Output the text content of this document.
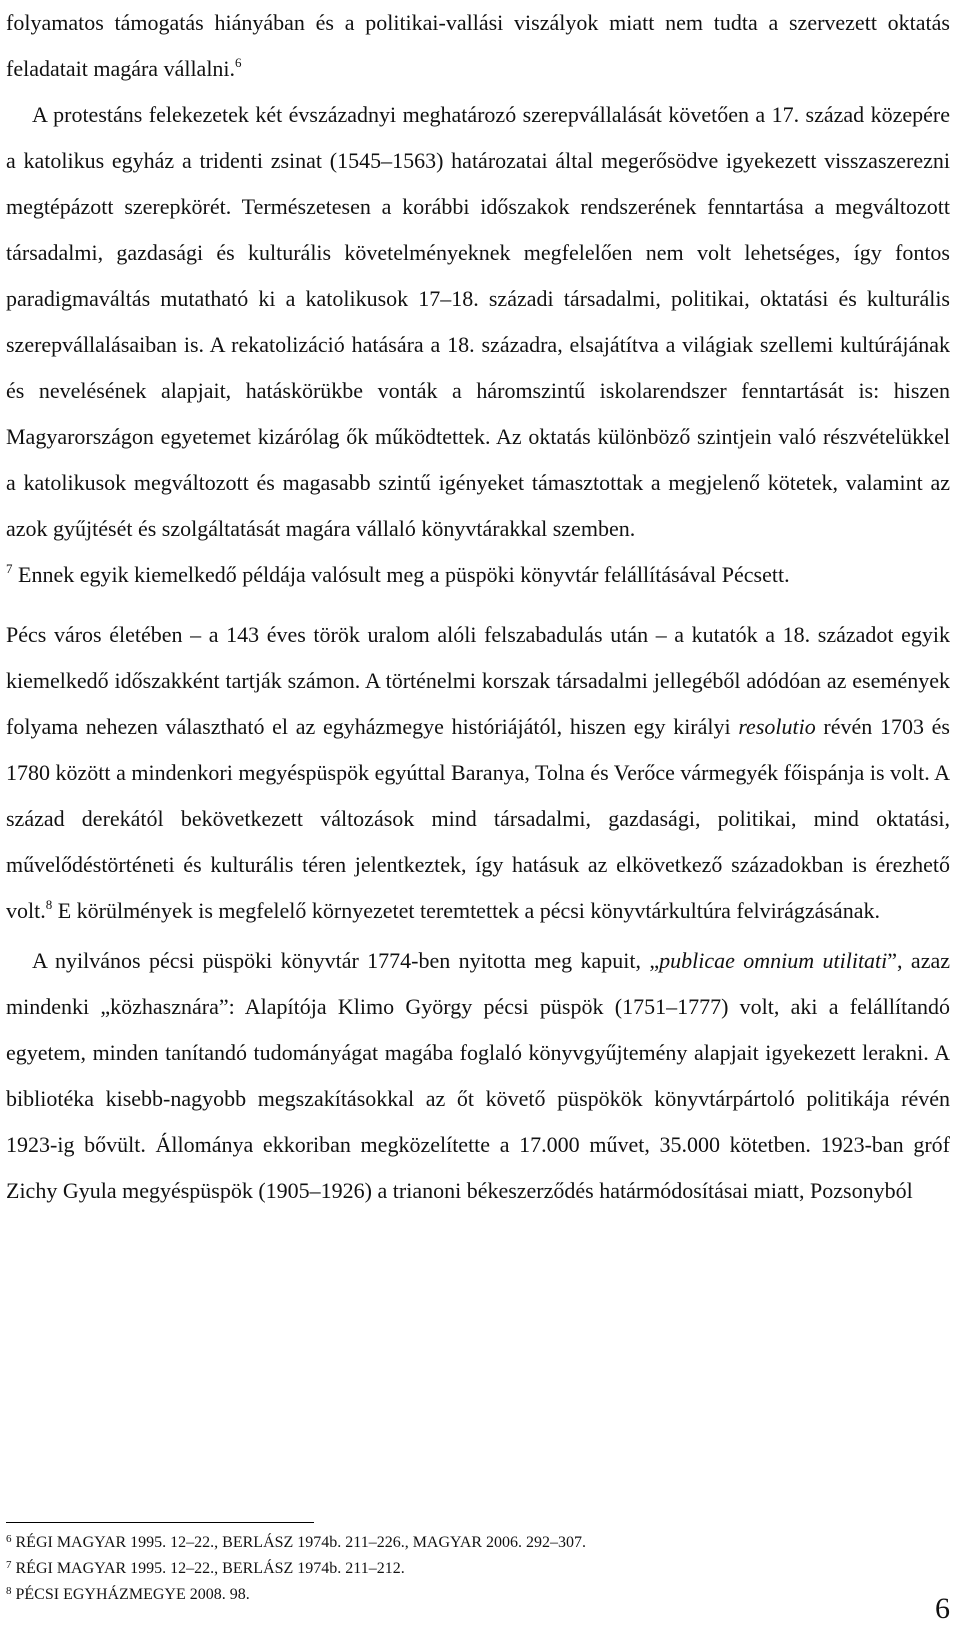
folyamatos támogatás hiányában és a politikai-vallási viszályok miatt nem tudta a szervezett oktatás feladatait magára vállalni.$^6$
A protestáns felekezetek két évszázadnyi meghatározó szerepvállalását követően a 17. század közepére a katolikus egyház a tridenti zsinat (1545–1563) határozatai által megerősödve igyekezett visszaszerezni megtépázott szerepkörét. Természetesen a korábbi időszakok rendszerének fenntartása a megváltozott társadalmi, gazdasági és kulturális követelményeknek megfelelően nem volt lehetséges, így fontos paradigmaváltás mutatható ki a katolikusok 17–18. századi társadalmi, politikai, oktatási és kulturális szerepvállalásaiban is. A rekatolizáció hatására a 18. századra, elsajátítva a világiak szellemi kultúrájának és nevelésének alapjait, hatáskörükbe vonták a háromszintű iskolarendszer fenntartását is: hiszen Magyarországon egyetemet kizárólag ők működtettek. Az oktatás különböző szintjein való részvételükkel a katolikusok megváltozott és magasabb szintű igényeket támasztottak a megjelenő kötetek, valamint az azok gyűjtését és szolgáltatását magára vállaló könyvtárakkal szemben.$^7$ Ennek egyik kiemelkedő példája valósult meg a püspöki könyvtár felállításával Pécsett.

Pécs város életében – a 143 éves török uralom alóli felszabadulás után – a kutatók a 18. századot egyik kiemelkedő időszakként tartják számon. A történelmi korszak társadalmi jellegéből adódóan az események folyama nehezen választható el az egyházmegye históriájától, hiszen egy királyi resolutio révén 1703 és 1780 között a mindenkori megyéspüspök egyúttal Baranya, Tolna és Verőce vármegyék főispánja is volt. A század derekától bekövetkezett változások mind társadalmi, gazdasági, politikai, mind oktatási, művelődéstörténeti és kulturális téren jelentkeztek, így hatásuk az elkövetkező századokban is érezhető volt.$^8$ E körülmények is megfelelő környezetet teremtettek a pécsi könyvtárkultúra felvirágzásának.

A nyilvános pécsi püspöki könyvtár 1774-ben nyitotta meg kapuit, „publicae omnium utilitati”, azaz mindenki „közhasznára”: Alapítója Klimo György pécsi püspök (1751–1777) volt, aki a felállítandó egyetem, minden tanítandó tudományágat magába foglaló könyvgyűjtemény alapjait igyekezett lerakni. A bibliotéka kisebb-nagyobb megszakításokkal az őt követő püspökök könyvtárpártoló politikája révén 1923-ig bővült. Állománya ekkoriban megközelítette a 17.000 művet, 35.000 kötetben. 1923-ban gróf Zichy Gyula megyéspüspök (1905–1926) a trianoni békeszerződés határmódosításai miatt, Pozsonyból

$^6$ RÉGI MAGYAR 1995. 12–22., BERLÁSZ 1974b. 211–226., MAGYAR 2006. 292–307.

$^7$ RÉGI MAGYAR 1995. 12–22., BERLÁSZ 1974b. 211–212.

$^8$ PÉCSI EGYHÁZMEGYE 2008. 98.	6
